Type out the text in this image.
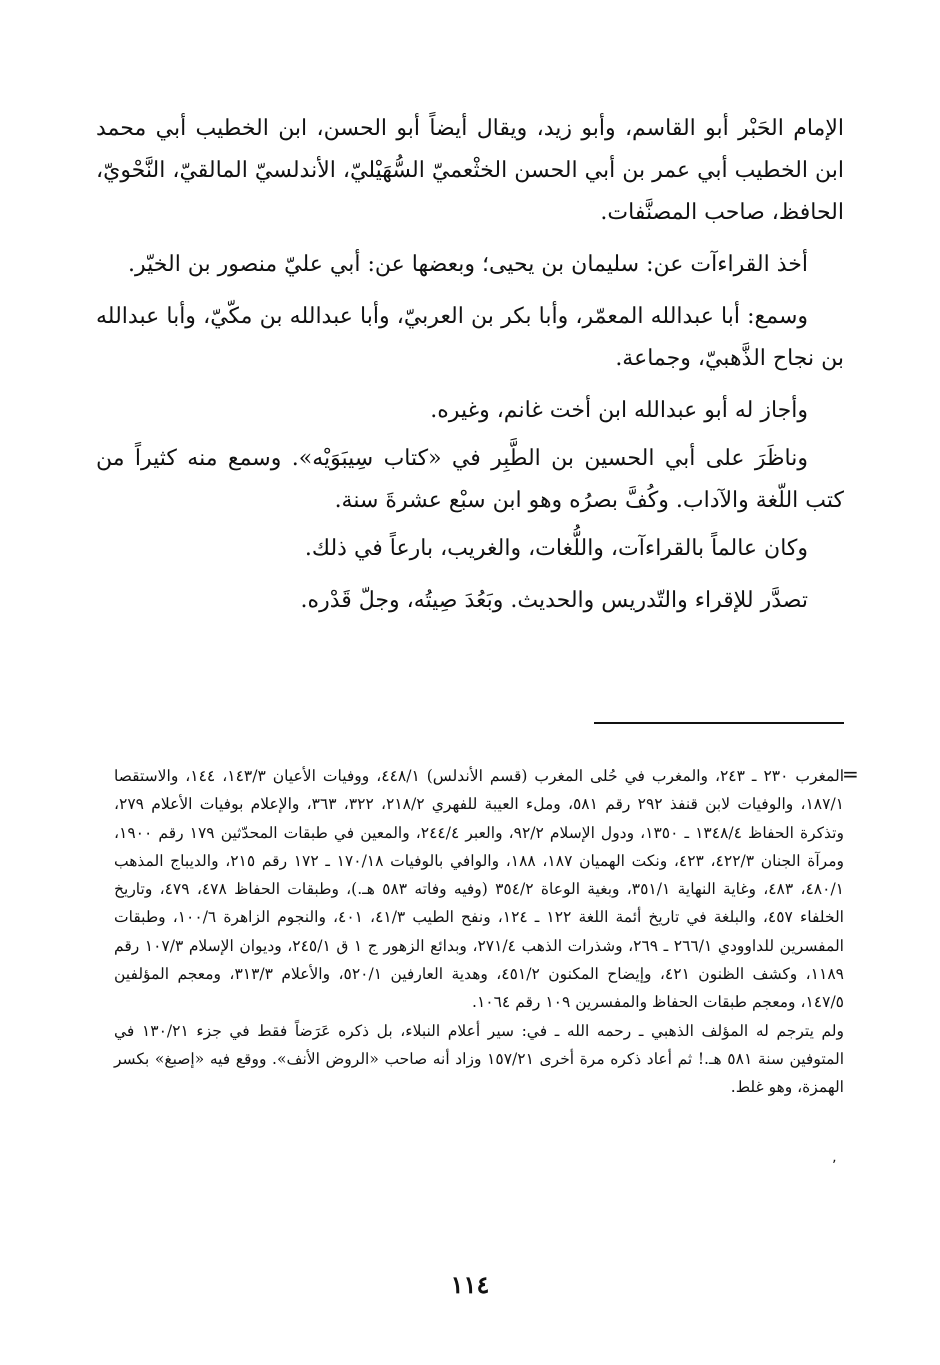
الإمام الحَبْر أبو القاسم، وأبو زيد، ويقال أيضاً أبو الحسن، ابن الخطيب أبي محمد ابن الخطيب أبي عمر بن أبي الحسن الخثْعميّ السُّهَيْليّ، الأندلسيّ المالقيّ، النَّحْويّ، الحافظ، صاحب المصنَّفات.

أخذ القراءآت عن: سليمان بن يحيى؛ وبعضها عن: أبي عليّ منصور بن الخيّر.

وسمع: أبا عبدالله المعمّر، وأبا بكر بن العربيّ، وأبا عبدالله بن مكّيّ، وأبا عبدالله بن نجاح الذَّهبيّ، وجماعة.

وأجاز له أبو عبدالله ابن أخت غانم، وغيره.

وناظَرَ على أبي الحسين بن الطَّبِر في «كتاب سِيبَوَيْه». وسمع منه كثيراً من كتب اللّغة والآداب. وكُفَّ بصرُه وهو ابن سبْع عشرةَ سنة.

وكان عالماً بالقراءآت، واللُّغات، والغريب، بارعاً في ذلك.

تصدَّر للإقراء والتّدريس والحديث. وبَعُدَ صِيتُه، وجلّ قَدْره.

=

المغرب ٢٣٠ ـ ٢٤٣، والمغرب في حُلى المغرب (قسم الأندلس) ٤٤٨/١، ووفيات الأعيان ١٤٣/٣، ١٤٤، والاستقصا ١٨٧/١، والوفيات لابن قنفذ ٢٩٢ رقم ٥٨١، وملء العيبة للفهري ٢١٨/٢، ٣٢٢، ٣٦٣، والإعلام بوفيات الأعلام ٢٧٩، وتذكرة الحفاظ ١٣٤٨/٤ ـ ١٣٥٠، ودول الإسلام ٩٢/٢، والعبر ٢٤٤/٤، والمعين في طبقات المحدّثين ١٧٩ رقم ١٩٠٠، ومرآة الجنان ٤٢٢/٣، ٤٢٣، ونكت الهميان ١٨٧، ١٨٨، والوافي بالوفيات ١٧٠/١٨ ـ ١٧٢ رقم ٢١٥، والديباج المذهب ٤٨٠/١، ٤٨٣، وغاية النهاية ٣٥١/١، وبغية الوعاة ٣٥٤/٢ (وفيه وفاته ٥٨٣ هـ.)، وطبقات الحفاظ ٤٧٨، ٤٧٩، وتاريخ الخلفاء ٤٥٧، والبلغة في تاريخ أئمة اللغة ١٢٢ ـ ١٢٤، ونفح الطيب ٤١/٣، ٤٠١، والنجوم الزاهرة ١٠٠/٦، وطبقات المفسرين للداوودي ٢٦٦/١ ـ ٢٦٩، وشذرات الذهب ٢٧١/٤، وبدائع الزهور ج ١ ق ٢٤٥/١، وديوان الإسلام ١٠٧/٣ رقم ١١٨٩، وكشف الظنون ٤٢١، وإيضاح المكنون ٤٥١/٢، وهدية العارفين ٥٢٠/١، والأعلام ٣١٣/٣، ومعجم المؤلفين ١٤٧/٥، ومعجم طبقات الحفاظ والمفسرين ١٠٩ رقم ١٠٦٤.

ولم يترجم له المؤلف الذهبي ـ رحمه الله ـ في: سير أعلام النبلاء، بل ذكره عَرَضاً فقط في جزء ١٣٠/٢١ في المتوفين سنة ٥٨١ هـ.! ثم أعاد ذكره مرة أخرى ١٥٧/٢١ وزاد أنه صاحب «الروض الأنف». ووقع فيه «إصبغ» بكسر الهمزة، وهو غلط.

٬
١١٤
